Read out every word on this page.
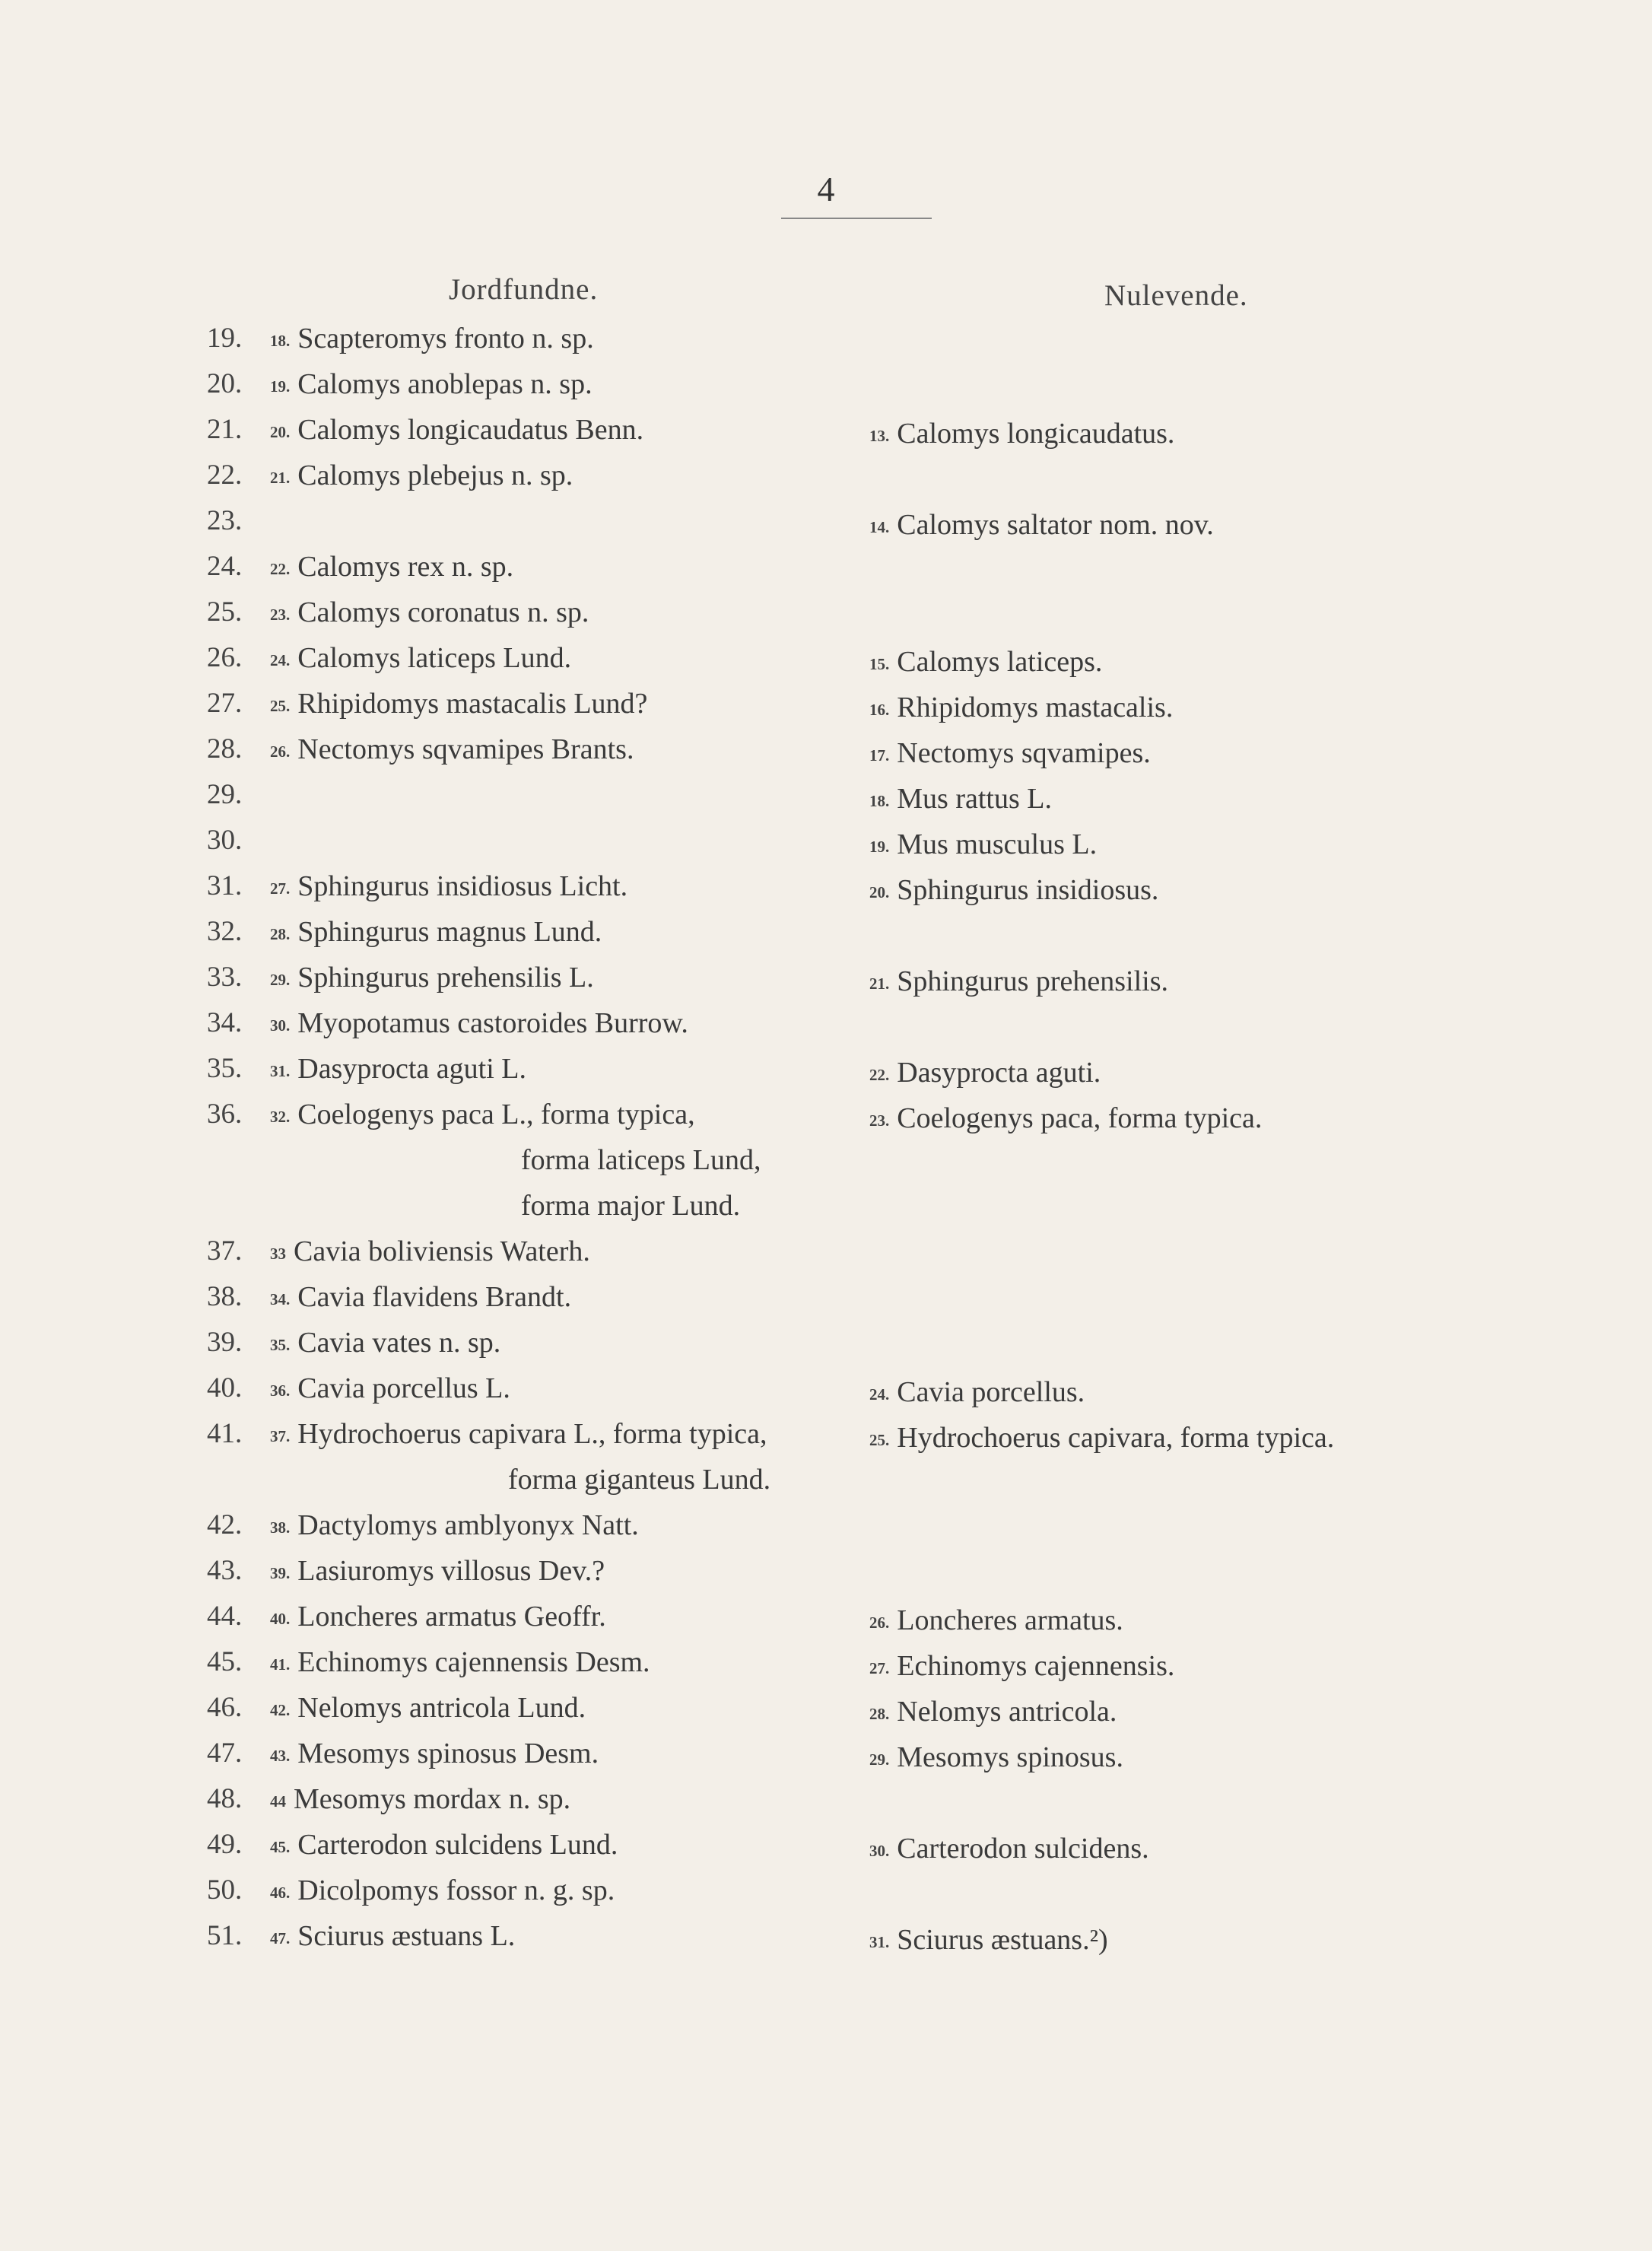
4
Jordfundne.	Nulevende.
19. 18. Scapteromys fronto n. sp.
20. 19. Calomys anoblepas n. sp.
21. 20. Calomys longicaudatus Benn.
22. 21. Calomys plebejus n. sp.
23.
24. 22. Calomys rex n. sp.
25. 23. Calomys coronatus n. sp.
26. 24. Calomys laticeps Lund.
27. 25. Rhipidomys mastacalis Lund?
28. 26. Nectomys sqvamipes Brants.
29.
30.
31. 27. Sphingurus insidiosus Licht.
32. 28. Sphingurus magnus Lund.
33. 29. Sphingurus prehensilis L.
34. 30. Myopotamus castoroides Burrow.
35. 31. Dasyprocta aguti L.
36. 32. Coelogenys paca L., forma typica,
forma laticeps Lund,
forma major Lund.
37. 33 Cavia boliviensis Waterh.
38. 34. Cavia flavidens Brandt.
39. 35. Cavia vates n. sp.
40. 36. Cavia porcellus L.
41. 37. Hydrochoerus capivara L., forma typica,
forma giganteus Lund.
42. 38. Dactylomys amblyonyx Natt.
43. 39. Lasiuromys villosus Dev.?
44. 40. Loncheres armatus Geoffr.
45. 41. Echinomys cajennensis Desm.
46. 42. Nelomys antricola Lund.
47. 43. Mesomys spinosus Desm.
48. 44 Mesomys mordax n. sp.
49. 45. Carterodon sulcidens Lund.
50. 46. Dicolpomys fossor n. g. sp.
51. 47. Sciurus æstuans L.
13. Calomys longicaudatus.
14. Calomys saltator nom. nov.
15. Calomys laticeps.
16. Rhipidomys mastacalis.
17. Nectomys sqvamipes.
18. Mus rattus L.
19. Mus musculus L.
20. Sphingurus insidiosus.
21. Sphingurus prehensilis.
22. Dasyprocta aguti.
23. Coelogenys paca, forma typica.
24. Cavia porcellus.
25. Hydrochoerus capivara, forma typica.
26. Loncheres armatus.
27. Echinomys cajennensis.
28. Nelomys antricola.
29. Mesomys spinosus.
30. Carterodon sulcidens.
31. Sciurus æstuans.²)
